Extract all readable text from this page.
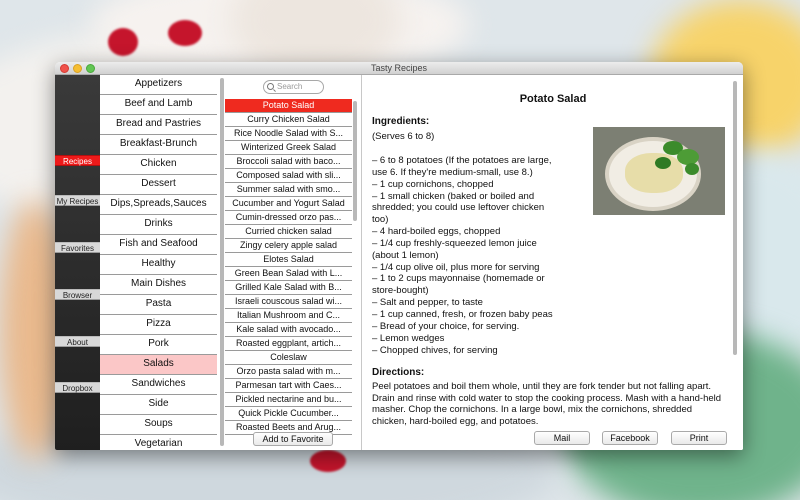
Tasty Recipes
Recipes
My Recipes
Favorites
Browser
About
Dropbox
Appetizers
Beef and Lamb
Bread and Pastries
Breakfast-Brunch
Chicken
Dessert
Dips,Spreads,Sauces
Drinks
Fish and Seafood
Healthy
Main Dishes
Pasta
Pizza
Pork
Salads
Sandwiches
Side
Soups
Vegetarian
Search
Potato Salad
Curry Chicken Salad
Rice Noodle Salad with S...
Winterized Greek Salad
Broccoli salad with baco...
Composed salad with sli...
Summer salad with smo...
Cucumber and Yogurt Salad
Cumin-dressed orzo pas...
Curried chicken salad
Zingy celery apple salad
Elotes Salad
Green Bean Salad with L...
Grilled Kale Salad with B...
Israeli couscous salad wi...
Italian Mushroom and C...
Kale salad with avocado...
Roasted eggplant, artich...
Coleslaw
Orzo pasta salad with m...
Parmesan tart with Caes...
Pickled nectarine and bu...
Quick Pickle Cucumber...
Roasted Beets and Arug...
Add to Favorite
Potato Salad
Ingredients:
(Serves 6 to 8)
– 6 to 8 potatoes (If the potatoes are large,
use 6. If they're medium-small, use 8.)
– 1 cup cornichons, chopped
– 1 small chicken (baked or boiled and
shredded; you could use leftover chicken
too)
– 4 hard-boiled eggs, chopped
– 1/4 cup freshly-squeezed lemon juice
(about 1 lemon)
– 1/4 cup olive oil, plus more for serving
– 1 to 2 cups mayonnaise (homemade or
store-bought)
– Salt and pepper, to taste
– 1 cup canned, fresh, or frozen baby peas
– Bread of your choice, for serving.
– Lemon wedges
– Chopped chives, for serving
Directions:
Peel potatoes and boil them whole, until they are fork tender but not falling apart. Drain and rinse with cold water to stop the cooking process. Mash with a hand-held masher. Chop the cornichons. In a large bowl, mix the cornichons, shredded chicken, hard-boiled egg, and potatoes.
Mail	Facebook	Print
